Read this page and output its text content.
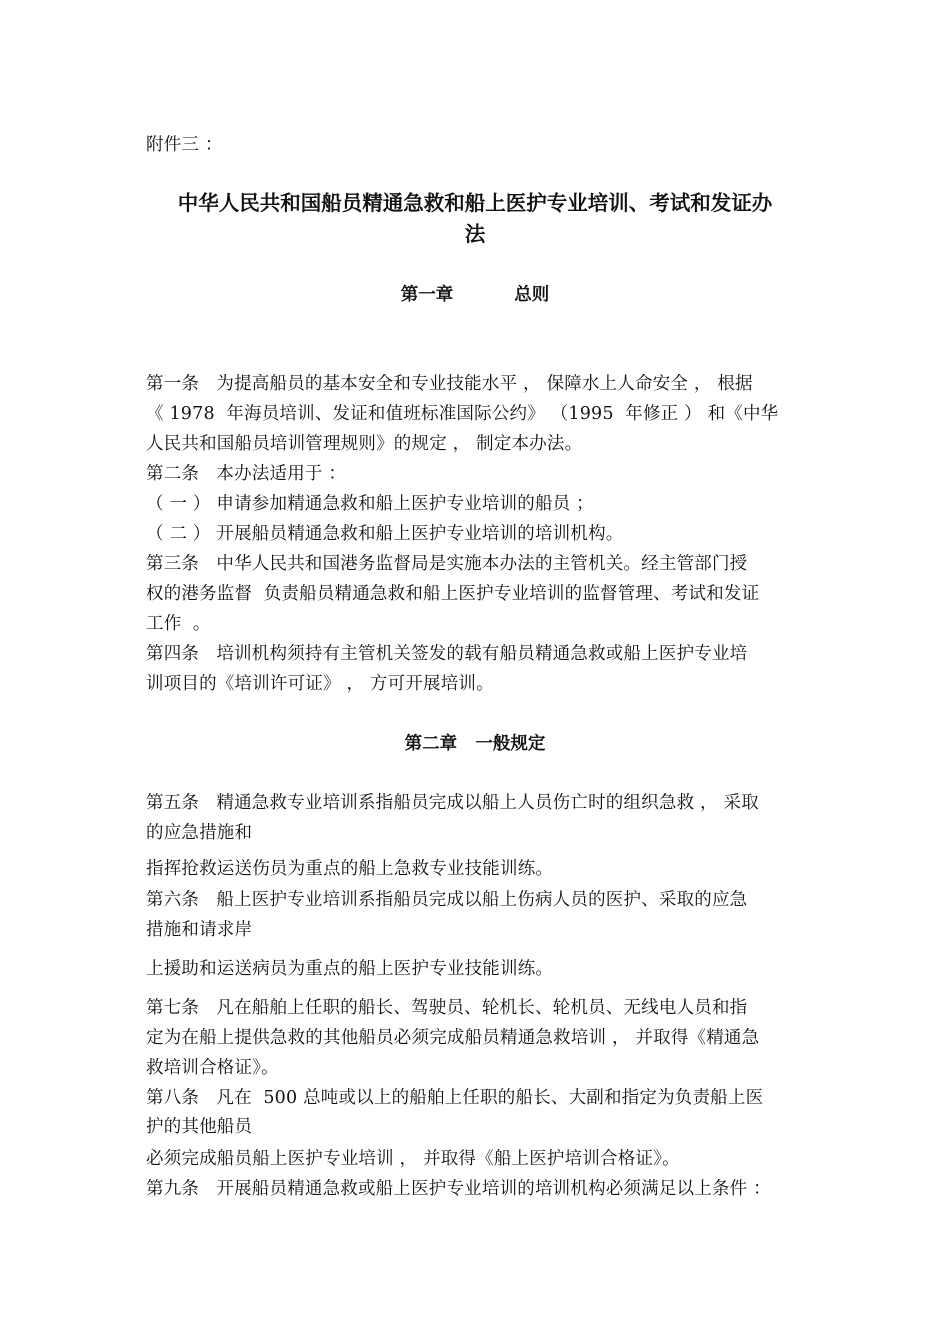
附件三 ：
中华人民共和国船员精通急救和船上医护专业培训、考试和发证办
法
第一章          总则
第一条   为提高船员的基本安全和专业技能水平 ， 保障水上人命安全 ， 根据
《 1978  年海员培训、发证和值班标准国际公约》 （1995  年修正 ） 和《中华
人民共和国船员培训管理规则》的规定 ， 制定本办法。
第二条   本办法适用于 ：
（ 一 ） 申请参加精通急救和船上医护专业培训的船员 ；
（ 二 ） 开展船员精通急救和船上医护专业培训的培训机构。
第三条   中华人民共和国港务监督局是实施本办法的主管机关。经主管部门授
权的港务监督  负责船员精通急救和船上医护专业培训的监督管理、考试和发证
工作  。
第四条   培训机构须持有主管机关签发的载有船员精通急救或船上医护专业培
训项目的《培训许可证》 ， 方可开展培训。
第二章   一般规定
第五条   精通急救专业培训系指船员完成以船上人员伤亡时的组织急救 ， 采取
的应急措施和
指挥抢救运送伤员为重点的船上急救专业技能训练。
第六条   船上医护专业培训系指船员完成以船上伤病人员的医护、采取的应急
措施和请求岸
上援助和运送病员为重点的船上医护专业技能训练。
第七条   凡在船舶上任职的船长、驾驶员、轮机长、轮机员、无线电人员和指
定为在船上提供急救的其他船员必须完成船员精通急救培训 ， 并取得《精通急
救培训合格证》。
第八条   凡在  500 总吨或以上的船舶上任职的船长、大副和指定为负责船上医
护的其他船员
必须完成船员船上医护专业培训 ， 并取得《船上医护培训合格证》。
第九条   开展船员精通急救或船上医护专业培训的培训机构必须满足以上条件 ：
